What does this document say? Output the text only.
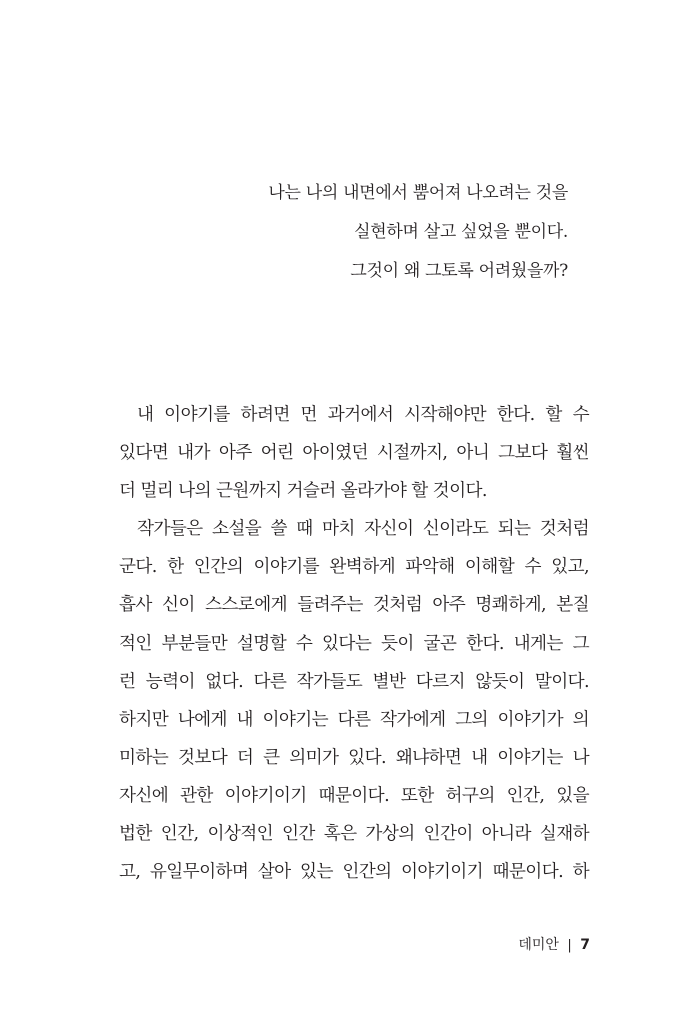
나는 나의 내면에서 뿜어져 나오려는 것을
실현하며 살고 싶었을 뿐이다.
그것이 왜 그토록 어려웠을까?
내 이야기를 하려면 먼 과거에서 시작해야만 한다. 할 수
있다면 내가 아주 어린 아이였던 시절까지, 아니 그보다 훨씬
더 멀리 나의 근원까지 거슬러 올라가야 할 것이다.
작가들은 소설을 쓸 때 마치 자신이 신이라도 되는 것처럼
군다. 한 인간의 이야기를 완벽하게 파악해 이해할 수 있고,
흡사 신이 스스로에게 들려주는 것처럼 아주 명쾌하게, 본질
적인 부분들만 설명할 수 있다는 듯이 굴곤 한다. 내게는 그
런 능력이 없다. 다른 작가들도 별반 다르지 않듯이 말이다.
하지만 나에게 내 이야기는 다른 작가에게 그의 이야기가 의
미하는 것보다 더 큰 의미가 있다. 왜냐하면 내 이야기는 나
자신에 관한 이야기이기 때문이다. 또한 허구의 인간, 있을
법한 인간, 이상적인 인간 혹은 가상의 인간이 아니라 실재하
고, 유일무이하며 살아 있는 인간의 이야기이기 때문이다. 하
데미안 | 7
